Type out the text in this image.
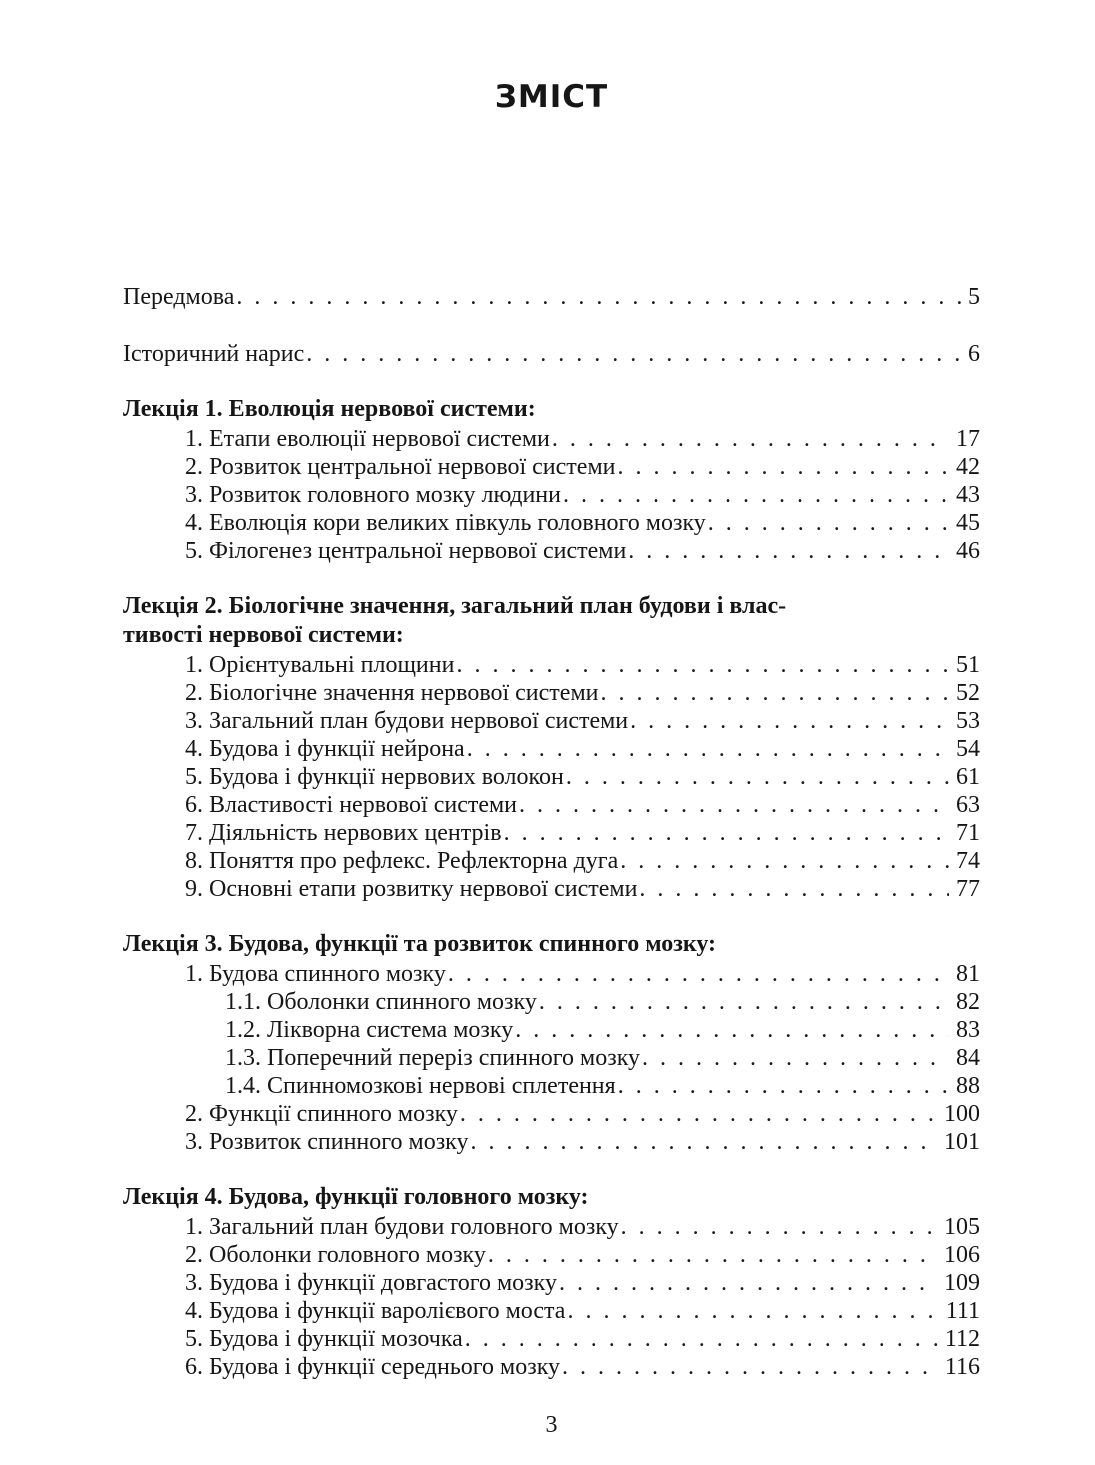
ЗМІСТ
Передмова . . .	5
Історичний нарис . . .	6
Лекція 1. Еволюція нервової системи:
1. Етапи еволюції нервової системи . . .	17
2. Розвиток центральної нервової системи . . .	42
3. Розвиток головного мозку людини . . .	43
4. Еволюція кори великих півкуль головного мозку . . .	45
5. Філогенез центральної нервової системи . . .	46
Лекція 2. Біологічне значення, загальний план будови і влас-
тивості нервової системи:
1. Орієнтувальні площини . . .	51
2. Біологічне значення нервової системи . . .	52
3. Загальний план будови нервової системи . . .	53
4. Будова і функції нейрона . . .	54
5. Будова і функції нервових волокон . . .	61
6. Властивості нервової системи . . .	63
7. Діяльність нервових центрів . . .	71
8. Поняття про рефлекс. Рефлекторна дуга . . .	74
9. Основні етапи розвитку нервової системи . . .	77
Лекція 3. Будова, функції та розвиток спинного мозку:
1. Будова спинного мозку . . .	81
1.1. Оболонки спинного мозку . . .	82
1.2. Лікворна система мозку . . .	83
1.3. Поперечний переріз спинного мозку . . .	84
1.4. Спинномозкові нервові сплетення . . .	88
2. Функції спинного мозку . . .	100
3. Розвиток спинного мозку . . .	101
Лекція 4. Будова, функції головного мозку:
1. Загальний план будови головного мозку . . .	105
2. Оболонки головного мозку . . .	106
3. Будова і функції довгастого мозку . . .	109
4. Будова і функції варолієвого моста . . .	111
5. Будова і функції мозочка . . .	112
6. Будова і функції середнього мозку . . .	116
3
